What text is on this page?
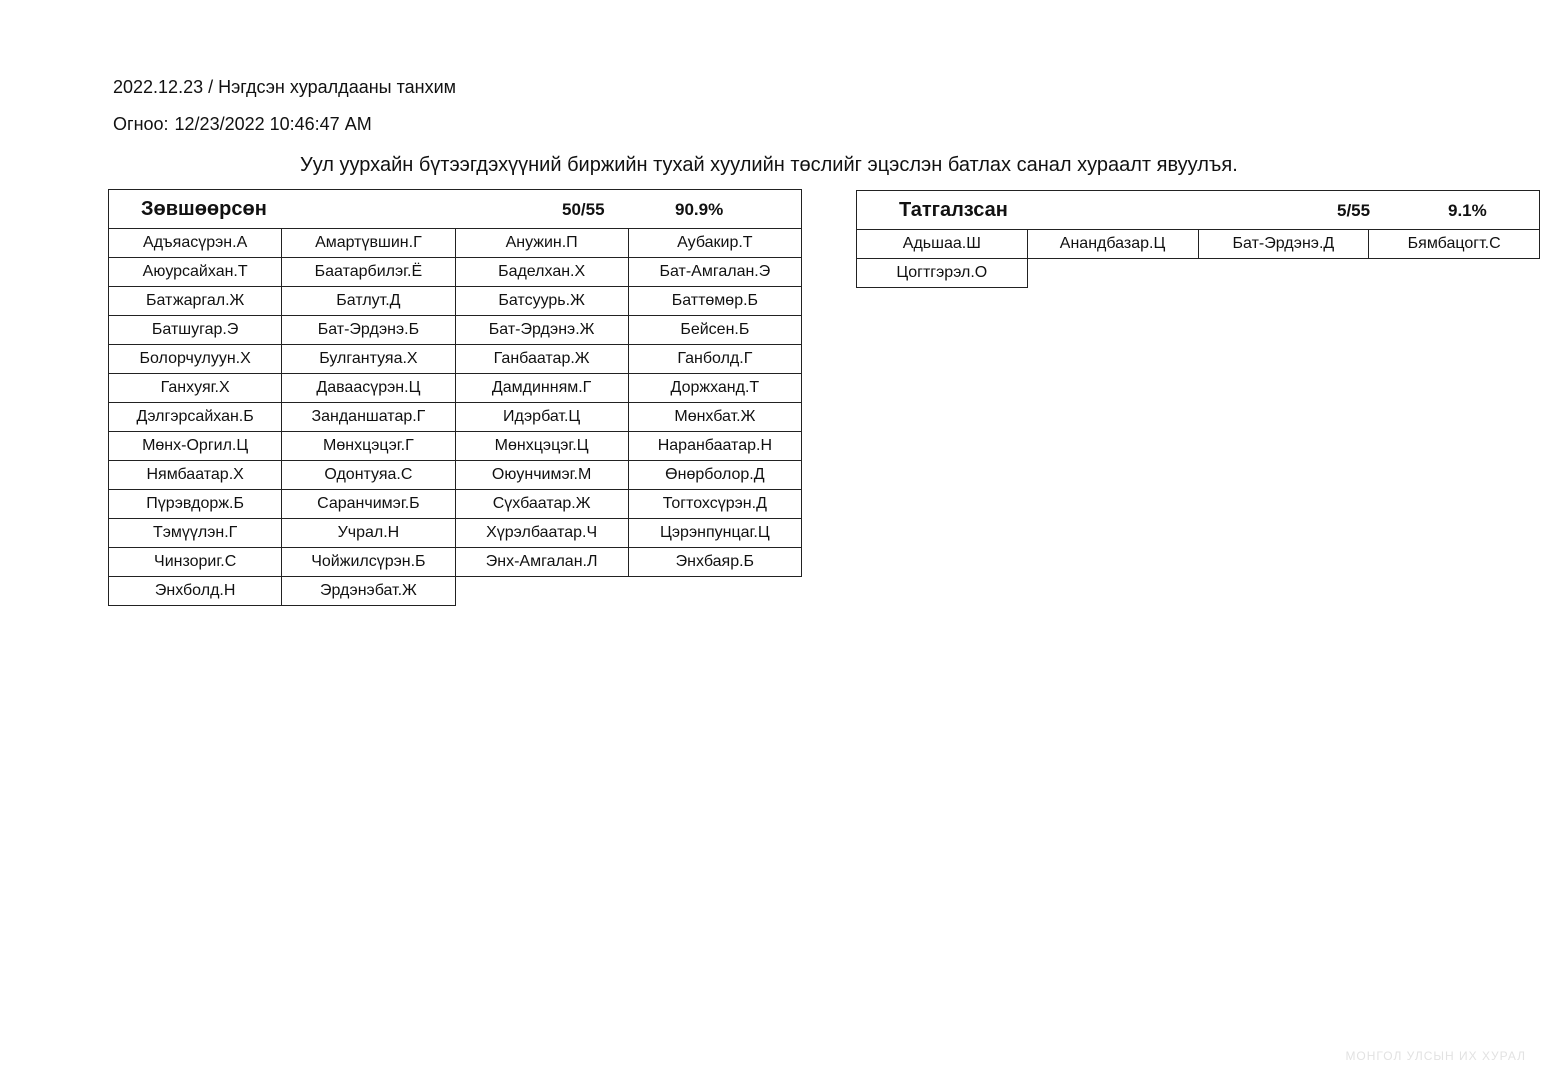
2022.12.23 / Нэгдсэн хуралдааны танхим
Огноо: 12/23/2022 10:46:47 AM
Уул уурхайн бүтээгдэхүүний биржийн тухай хуулийн төслийг эцэслэн батлах санал хураалт явуулъя.
Зөвшөөрсөн 50/55 90.9%			

Адъяасүрэн.А	Амартүвшин.Г	Анужин.П	Аубакир.Т
Аюурсайхан.Т	Баатарбилэг.Ё	Баделхан.Х	Бат-Амгалан.Э
Батжаргал.Ж	Батлут.Д	Батсуурь.Ж	Баттөмөр.Б
Батшугар.Э	Бат-Эрдэнэ.Б	Бат-Эрдэнэ.Ж	Бейсен.Б
Болорчулуун.Х	Булгантуяа.Х	Ганбаатар.Ж	Ганболд.Г
Ганхуяг.Х	Даваасүрэн.Ц	Дамдинням.Г	Доржханд.Т
Дэлгэрсайхан.Б	Занданшатар.Г	Идэрбат.Ц	Мөнхбат.Ж
Мөнх-Оргил.Ц	Мөнхцэцэг.Г	Мөнхцэцэг.Ц	Наранбаатар.Н
Нямбаатар.Х	Одонтуяа.С	Оюунчимэг.М	Өнөрболор.Д
Пүрэвдорж.Б	Саранчимэг.Б	Сүхбаатар.Ж	Тогтохсүрэн.Д
Тэмүүлэн.Г	Учрал.Н	Хүрэлбаатар.Ч	Цэрэнпунцаг.Ц
Чинзориг.С	Чойжилсүрэн.Б	Энх-Амгалан.Л	Энхбаяр.Б
Энхболд.Н	Эрдэнэбат.Ж		
Татгалзсан 5/55 9.1%			

Адьшаа.Ш	Анандбазар.Ц	Бат-Эрдэнэ.Д	Бямбацогт.С
Цогтгэрэл.О			
МОНГОЛ УЛСЫН ИХ ХУРАЛ
